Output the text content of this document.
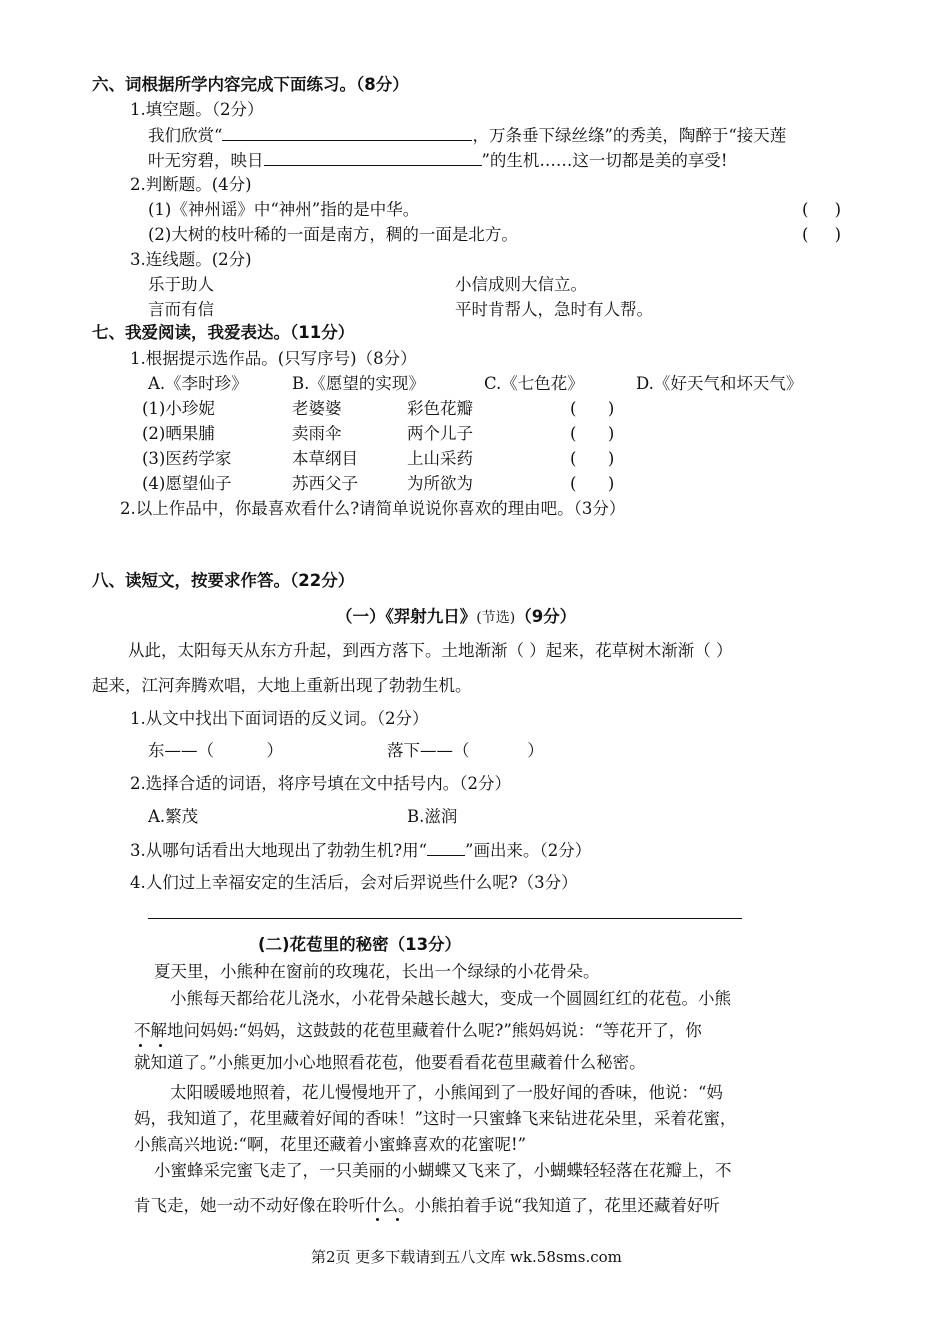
六、词根据所学内容完成下面练习。（8分）
1.填空题。（2分）
我们欣赏“	，万条垂下绿丝绦”的秀美，陶醉于“接天莲
叶无穷碧，映日	”的生机……这一切都是美的享受!
2.判断题。(4分)
(1)《神州谣》中“神州”指的是中华。	(     )
(2)大树的枝叶稀的一面是南方，稠的一面是北方。	(     )
3.连线题。(2分)
乐于助人	小信成则大信立。
言而有信	平时肯帮人，急时有人帮。
七、我爱阅读，我爱表达。（11分）
1.根据提示选作品。(只写序号)（8分）
A.《李时珍》	B.《愿望的实现》	C.《七色花》	D.《好天气和坏天气》
(1)小珍妮	老婆婆	彩色花瓣	(      )
(2)晒果脯	卖雨伞	两个儿子	(      )
(3)医药学家	本草纲目	上山采药	(      )
(4)愿望仙子	苏西父子	为所欲为	(      )
2.以上作品中，你最喜欢看什么?请简单说说你喜欢的理由吧。（3分）
八、读短文，按要求作答。（22分）
（一）《羿射九日》(节选)（9分）
从此，太阳每天从东方升起，到西方落下。土地渐渐（ ）起来，花草树木渐渐（ ）
起来，江河奔腾欢唱，大地上重新出现了勃勃生机。
1.从文中找出下面词语的反义词。（2分）
东——（          ）	落下——（           ）
2.选择合适的词语，将序号填在文中括号内。（2分）
A.繁茂	B.滋润
3.从哪句话看出大地现出了勃勃生机?用“ ”画出来。（2分）
4.人们过上幸福安定的生活后，会对后羿说些什么呢?（3分）
(二)花苞里的秘密（13分）
夏天里，小熊种在窗前的玫瑰花，长出一个绿绿的小花骨朵。
小熊每天都给花儿浇水，小花骨朵越长越大，变成一个圆圆红红的花苞。小熊
不解地问妈妈:“妈妈，这鼓鼓的花苞里藏着什么呢?”熊妈妈说：“等花开了，你
就知道了。”小熊更加小心地照看花苞，他要看看花苞里藏着什么秘密。
太阳暖暖地照着，花儿慢慢地开了，小熊闻到了一股好闻的香味，他说：“妈
妈，我知道了，花里藏着好闻的香味！”这时一只蜜蜂飞来钻进花朵里，采着花蜜，
小熊高兴地说:“啊，花里还藏着小蜜蜂喜欢的花蜜呢!”
小蜜蜂采完蜜飞走了，一只美丽的小蝴蝶又飞来了，小蝴蝶轻轻落在花瓣上，不
肯飞走，她一动不动好像在聆听什么。小熊拍着手说“我知道了，花里还藏着好听
第2页 更多下载请到五八文库 wk.58sms.com
